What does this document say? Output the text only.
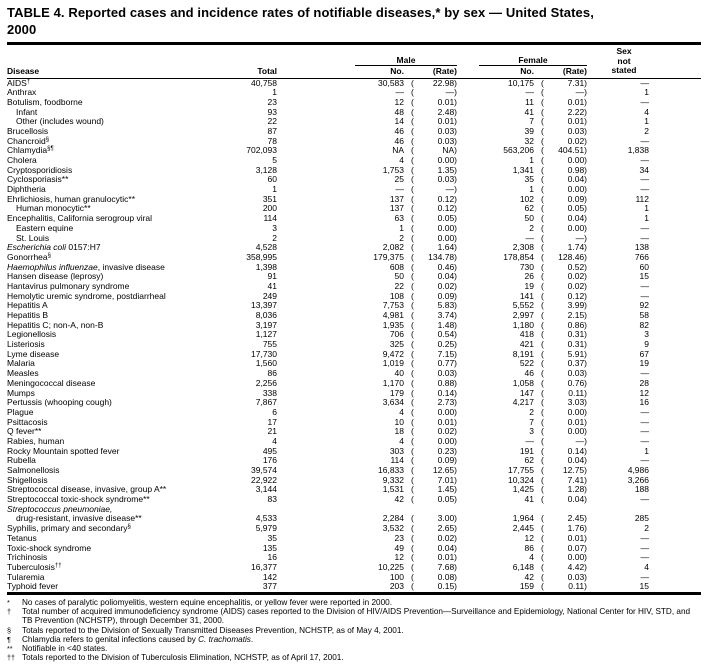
TABLE 4. Reported cases and incidence rates of notifiable diseases,* by sex — United States,
2000
Disease	Total
Male
No.	(Rate)
Female
No.	(Rate)
Sex
not
stated
AIDS†	40,758	30,583 ( 22.98)	10,175 (	7.31)	—
Anthrax	1	— (	—)	— (	—)	1
Botulism, foodborne	23	12 (	0.01)	11 (	0.01)	—
Infant	93	48 (	2.48)	41 (	2.22)	4
Other (includes wound)	22	14 (	0.01)	7 (	0.01)	1
Brucellosis	87	46 (	0.03)	39 (	0.03)	2
Chancroid§	78	46 (	0.03)	32 (	0.02)	—
Chlamydia§¶	702,093	NA (	NA)	563,206 ( 404.51)	1,838
Cholera	5	4 (	0.00)	1 (	0.00)	—
Cryptosporidiosis	3,128	1,753 (	1.35)	1,341 (	0.98)	34
Cyclosporiasis**	60	25 (	0.03)	35 (	0.04)	—
Diphtheria	1	— (	—)	1 (	0.00)	—
Ehrlichiosis, human granulocytic**	351	137 (	0.12)	102 (	0.09)	112
Human monocytic**	200	137 (	0.12)	62 (	0.05)	1
Encephalitis, California serogroup viral	114	63 (	0.05)	50 (	0.04)	1
Eastern equine	3	1 (	0.00)	2 (	0.00)	—
St. Louis	2	2 (	0.00)	— (	—)	—
Escherichia coli 0157:H7	4,528	2,082 (	1.64)	2,308 (	1.74)	138
Gonorrhea§	358,995	179,375 ( 134.78)	178,854 ( 128.46)	766
Haemophilus influenzae, invasive disease	1,398	608 (	0.46)	730 (	0.52)	60
Hansen disease (leprosy)	91	50 (	0.04)	26 (	0.02)	15
Hantavirus pulmonary syndrome	41	22 (	0.02)	19 (	0.02)	—
Hemolytic uremic syndrome, postdiarrheal	249	108 (	0.09)	141 (	0.12)	—
Hepatitis A	13,397	7,753 (	5.83)	5,552 (	3.99)	92
Hepatitis B	8,036	4,981 (	3.74)	2,997 (	2.15)	58
Hepatitis C; non-A, non-B	3,197	1,935 (	1.48)	1,180 (	0.86)	82
Legionellosis	1,127	706 (	0.54)	418 (	0.31)	3
Listeriosis	755	325 (	0.25)	421 (	0.31)	9
Lyme disease	17,730	9,472 (	7.15)	8,191 (	5.91)	67
Malaria	1,560	1,019 (	0.77)	522 (	0.37)	19
Measles	86	40 (	0.03)	46 (	0.03)	—
Meningococcal disease	2,256	1,170 (	0.88)	1,058 (	0.76)	28
Mumps	338	179 (	0.14)	147 (	0.11)	12
Pertussis (whooping cough)	7,867	3,634 (	2.73)	4,217 (	3.03)	16
Plague	6	4 (	0.00)	2 (	0.00)	—
Psittacosis	17	10 (	0.01)	7 (	0.01)	—
Q fever**	21	18 (	0.02)	3 (	0.00)	—
Rabies, human	4	4 (	0.00)	— (	—)	—
Rocky Mountain spotted fever	495	303 (	0.23)	191 (	0.14)	1
Rubella	176	114 (	0.09)	62 (	0.04)	—
Salmonellosis	39,574	16,833 ( 12.65)	17,755 ( 12.75)	4,986
Shigellosis	22,922	9,332 (	7.01)	10,324 (	7.41)	3,266
Streptococcal disease, invasive, group A**	3,144	1,531 (	1.45)	1,425 (	1.28)	188
Streptococcal toxic-shock syndrome**	83	42 (	0.05)	41 (	0.04)	—
Streptococcus pneumoniae,
drug-resistant, invasive disease**	4,533	2,284 (	3.00)	1,964 (	2.45)	285
Syphilis, primary and secondary§	5,979	3,532 (	2.65)	2,445 (	1.76)	2
Tetanus	35	23 (	0.02)	12 (	0.01)	—
Toxic-shock syndrome	135	49 (	0.04)	86 (	0.07)	—
Trichinosis	16	12 (	0.01)	4 (	0.00)	—
Tuberculosis††	16,377	10,225 (	7.68)	6,148 (	4.42)	4
Tularemia	142	100 (	0.08)	42 (	0.03)	—
Typhoid fever	377	203 (	0.15)	159 (	0.11)	15
* No cases of paralytic poliomyelitis, western equine encephalitis, or yellow fever were reported in 2000.
† Total number of acquired immunodeficiency syndrome (AIDS) cases reported to the Division of HIV/AIDS Prevention—Surveillance and Epidemiology, National Center for HIV, STD, and TB Prevention (NCHSTP), through December 31, 2000.
§ Totals reported to the Division of Sexually Transmitted Diseases Prevention, NCHSTP, as of May 4, 2001.
¶ Chlamydia refers to genital infections caused by C. trachomatis.
** Notifiable in <40 states.
†† Totals reported to the Division of Tuberculosis Elimination, NCHSTP, as of April 17, 2001.
